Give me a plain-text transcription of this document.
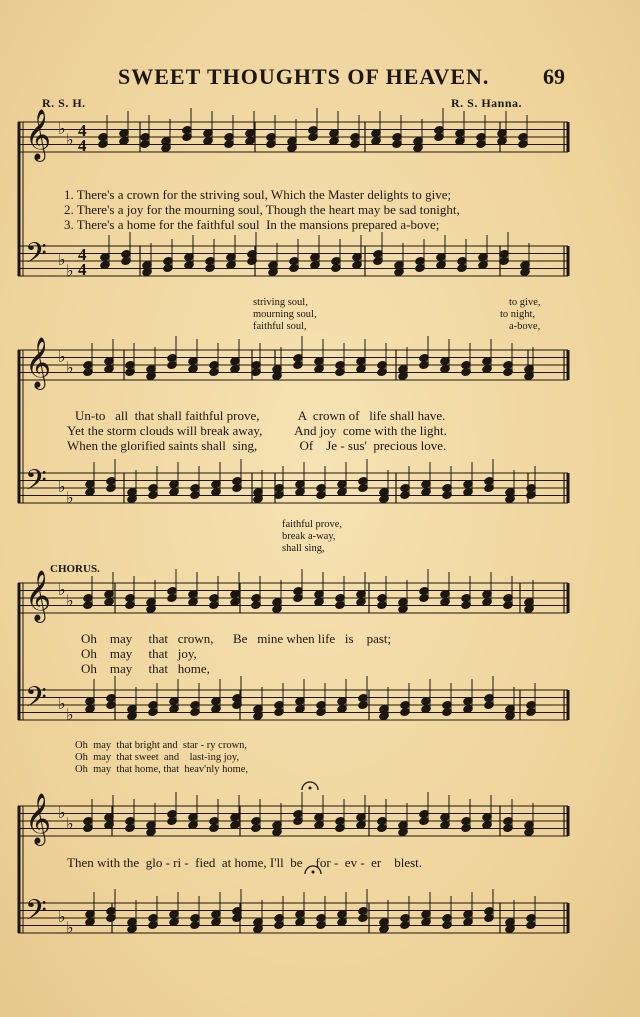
𝄞
𝄢
♭
♭
♭
♭
4
4
4
4
𝄞
𝄢
♭
♭
♭
♭
𝄞
𝄢
♭
♭
♭
♭
𝄞
𝄢
♭
♭
♭
♭
SWEET THOUGHTS OF HEAVEN. 69
R. S. H.	R. S. Hanna.
1. There's a crown for the striving soul, Which the Master delights to give;
2. There's a joy for the mourning soul, Though the heart may be sad tonight,
3. There's a home for the faithful soul  In the mansions prepared a-bove;
striving soul,
mourning soul,
faithful soul,
to give,
to night,
a-bove,
Un-to   all  that shall faithful prove,            A  crown of   life shall have.
Yet the storm clouds will break away,          And joy  come with the light.
When the glorified saints shall  sing,             Of    Je - sus'  precious love.
faithful prove,
break a-way,
shall sing,
CHORUS.
Oh    may     that   crown,      Be   mine when life   is    past;
Oh    may     that   joy,
Oh    may     that   home,
Oh  may  that bright and  star - ry crown,
Oh  may  that sweet  and    last-ing joy,
Oh  may  that home, that  heav'nly home,
Then with the  glo - ri -  fied  at home, I'll  be    for -  ev -  er    blest.
